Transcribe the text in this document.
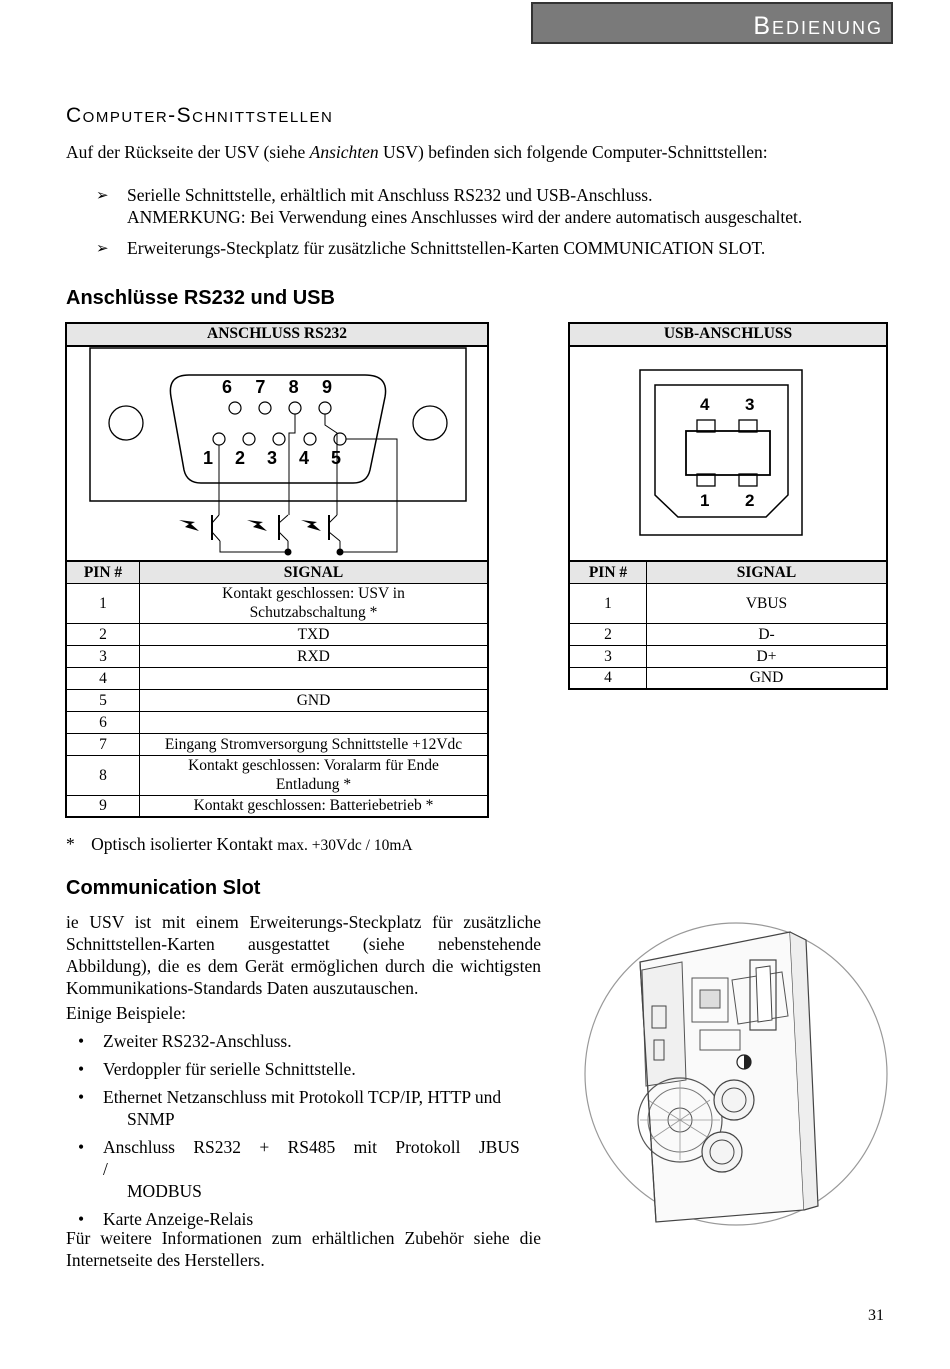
Bedienung
Computer-Schnittstellen
Auf der Rückseite der USV (siehe Ansichten USV) befinden sich folgende Computer-Schnittstellen:
➢ Serielle Schnittstelle, erhältlich mit Anschluss RS232 und USB-Anschluss.
ANMERKUNG: Bei Verwendung eines Anschlusses wird der andere automatisch ausgeschaltet.
➢ Erweiterungs-Steckplatz für zusätzliche Schnittstellen-Karten COMMUNICATION SLOT.
Anschlüsse RS232 und USB
ANSCHLUSS RS232
6 7 8 9
1 2 3 4 5
PIN #	SIGNAL
1	Kontakt geschlossen: USV in
Schutzabschaltung *

2	TXD
3	RXD
4	
5	GND
6	
7	Eingang Stromversorgung Schnittstelle +12Vdc
8	Kontakt geschlossen: Voralarm für Ende
Entladung *

9	Kontakt geschlossen: Batteriebetrieb *
USB-ANSCHLUSS
4 3
1 2
PIN #	SIGNAL
1	VBUS
2	D-
3	D+
4	GND
* Optisch isolierter Kontakt max. +30Vdc / 10mA
Communication Slot
ie USV ist mit einem Erweiterungs-Steckplatz für zusätzliche Schnittstellen-Karten ausgestattet (siehe nebenstehende Abbildung), die es dem Gerät ermöglichen durch die wichtigsten Kommunikations-Standards Daten auszutauschen.
Einige Beispiele:
• Zweiter RS232-Anschluss.
• Verdoppler für serielle Schnittstelle.
• Ethernet Netzanschluss mit Protokoll TCP/IP, HTTP und
SNMP
• Anschluss RS232 + RS485 mit Protokoll JBUS /
MODBUS
• Karte Anzeige-Relais
Für weitere Informationen zum erhältlichen Zubehör siehe die Internetseite des Herstellers.
31
